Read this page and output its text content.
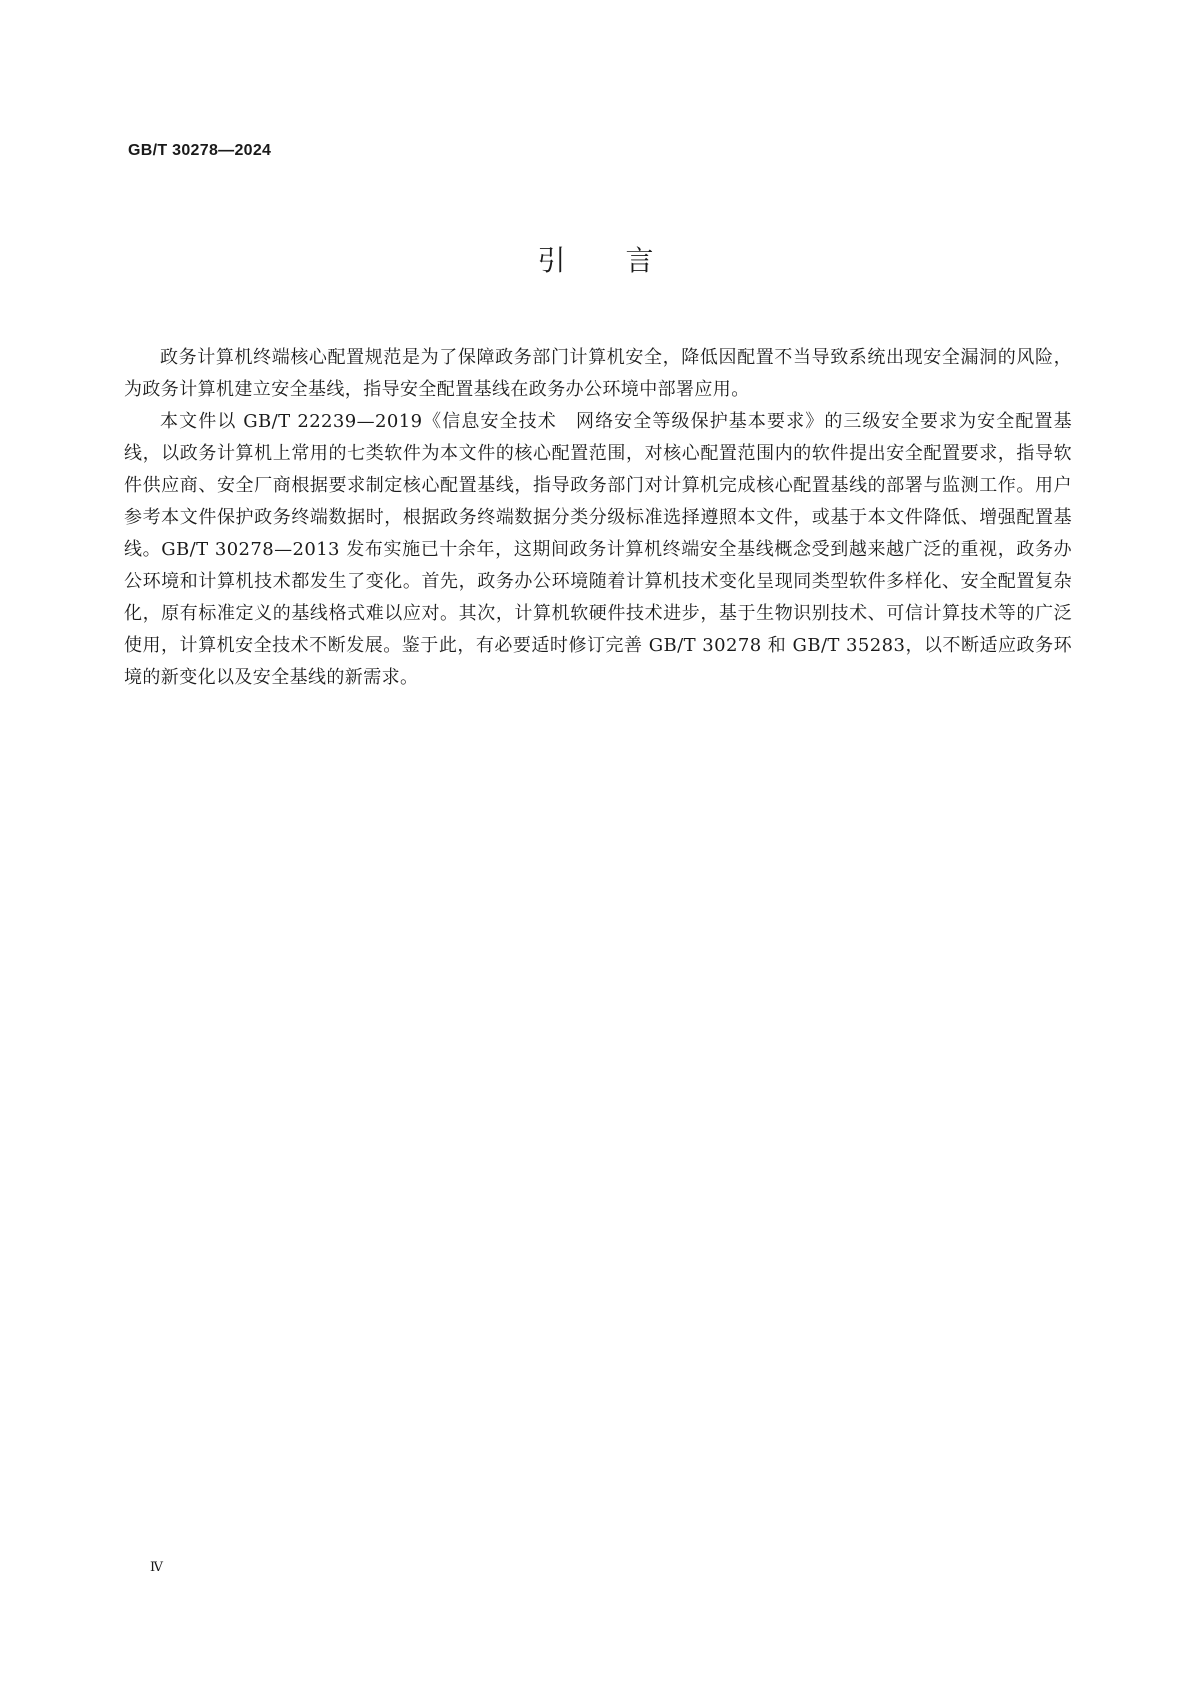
GB/T 30278—2024
引言

政务计算机终端核心配置规范是为了保障政务部门计算机安全，降低因配置不当导致系统出现安全漏洞的风险，为政务计算机建立安全基线，指导安全配置基线在政务办公环境中部署应用。

本文件以 GB/T 22239—2019《信息安全技术　网络安全等级保护基本要求》的三级安全要求为安全配置基线，以政务计算机上常用的七类软件为本文件的核心配置范围，对核心配置范围内的软件提出安全配置要求，指导软件供应商、安全厂商根据要求制定核心配置基线，指导政务部门对计算机完成核心配置基线的部署与监测工作。用户参考本文件保护政务终端数据时，根据政务终端数据分类分级标准选择遵照本文件，或基于本文件降低、增强配置基线。GB/T 30278—2013 发布实施已十余年，这期间政务计算机终端安全基线概念受到越来越广泛的重视，政务办公环境和计算机技术都发生了变化。首先，政务办公环境随着计算机技术变化呈现同类型软件多样化、安全配置复杂化，原有标准定义的基线格式难以应对。其次，计算机软硬件技术进步，基于生物识别技术、可信计算技术等的广泛使用，计算机安全技术不断发展。鉴于此，有必要适时修订完善 GB/T 30278 和 GB/T 35283，以不断适应政务环境的新变化以及安全基线的新需求。

Ⅳ
